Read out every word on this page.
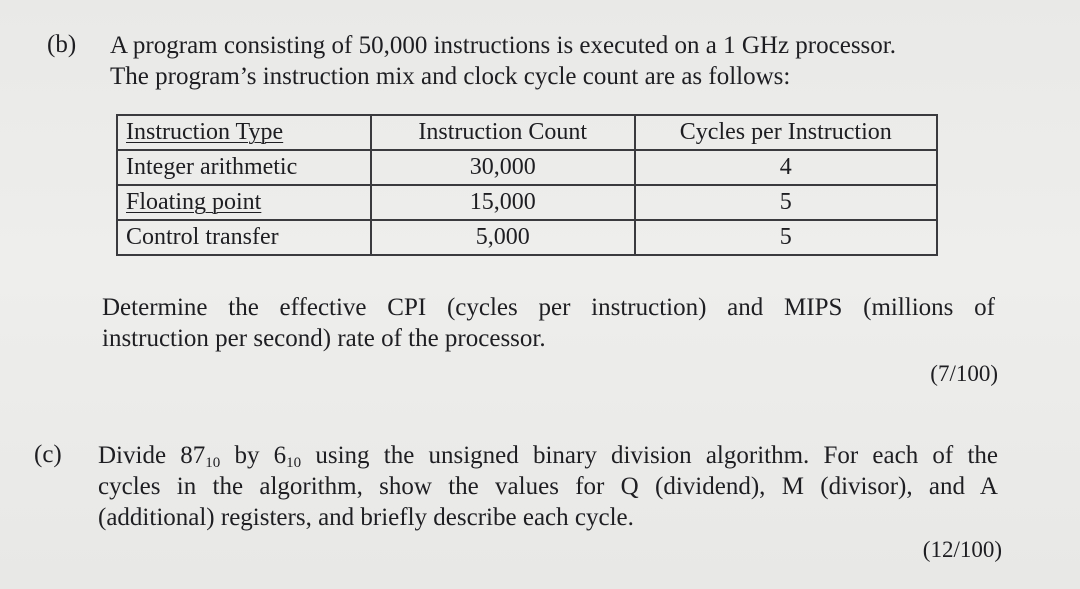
(b) A program consisting of 50,000 instructions is executed on a 1 GHz processor.
The program’s instruction mix and clock cycle count are as follows:
Instruction Type	Instruction Count	Cycles per Instruction
Integer arithmetic	30,000	4
Floating point	15,000	5
Control transfer	5,000	5
Determine the effective CPI (cycles per instruction) and MIPS (millions of
instruction per second) rate of the processor.
(7/100)
(c) Divide $87_{10}$ by $6_{10}$ using the unsigned binary division algorithm. For each of the
cycles in the algorithm, show the values for Q (dividend), M (divisor), and A
(additional) registers, and briefly describe each cycle.
(12/100)
